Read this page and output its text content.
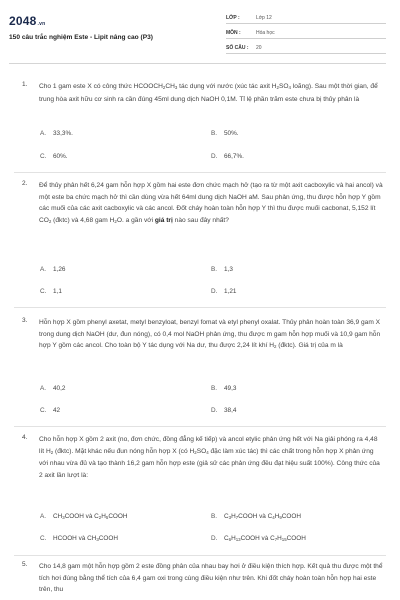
2048.vn
150 câu trắc nghiệm Este - Lipit nâng cao (P3)
LỚP :	Lớp 12
MÔN :	Hóa học
SỐ CÂU : 20
1. Cho 1 gam este X có công thức $HCOOCH_2CH_3$ tác dụng với nước (xúc tác axit $H_2SO_4$ loãng). Sau một thời gian, để trung hòa axit hữu cơ sinh ra cần đúng 45ml dung dịch NaOH 0,1M. Tỉ lệ phần trăm este chưa bị thủy phân là
A. 33,3%.	B. 50%.
C. 60%.	D. 66,7%.
2. Để thủy phân hết 6,24 gam hỗn hợp X gồm hai este đơn chức mạch hở (tạo ra từ một axit cacboxylic và hai ancol) và một este ba chức mạch hở thì cần dùng vừa hết 64ml dung dịch NaOH aM. Sau phản ứng, thu được hỗn hợp Y gồm các muối của các axit cacboxylic và các ancol. Đốt cháy hoàn toàn hỗn hợp Y thì thu được muối cacbonat, 5,152 lít $CO_2$ (đktc) và 4,68 gam $H_2O$. a gần với giá trị nào sau đây nhất?
A. 1,26	B. 1,3
C. 1,1	D. 1,21
3. Hỗn hợp X gồm phenyl axetat, metyl benzyloat, benzyl fomat và etyl phenyl oxalat. Thủy phân hoàn toàn 36,9 gam X trong dung dịch NaOH (dư, đun nóng), có 0,4 mol NaOH phản ứng, thu được m gam hỗn hợp muối và 10,9 gam hỗn hợp Y gồm các ancol. Cho toàn bộ Y tác dụng với Na dư, thu được 2,24 lít khí $H_2$ (đktc). Giá trị của m là
A. 40,2	B. 49,3
C. 42	D. 38,4
4. Cho hỗn hợp X gồm 2 axit (no, đơn chức, đồng đẳng kế tiếp) và ancol etylic phản ứng hết với Na giải phóng ra 4,48 lít $H_2$ (đktc). Mặt khác nếu đun nóng hỗn hợp X (có $H_2SO_4$ đặc làm xúc tác) thì các chất trong hỗn hợp X phản ứng với nhau vừa đủ và tạo thành 16,2 gam hỗn hợp este (giả sử các phản ứng đều đạt hiệu suất 100%). Công thức của 2 axit lần lượt là:
A. $CH_3COOH$ và $C_2H_5COOH$	B. $C_3H_7COOH$ và $C_4H_9COOH$
C. HCOOH và $CH_3COOH$	D. $C_6H_{13}COOH$ và $C_7H_{15}COOH$
5. Cho 14,8 gam một hỗn hợp gồm 2 este đồng phân của nhau bay hơi ở điều kiện thích hợp. Kết quả thu được một thể tích hơi đúng bằng thể tích của 6,4 gam oxi trong cùng điều kiện như trên. Khi đốt cháy hoàn toàn hỗn hợp hai este trên, thu
